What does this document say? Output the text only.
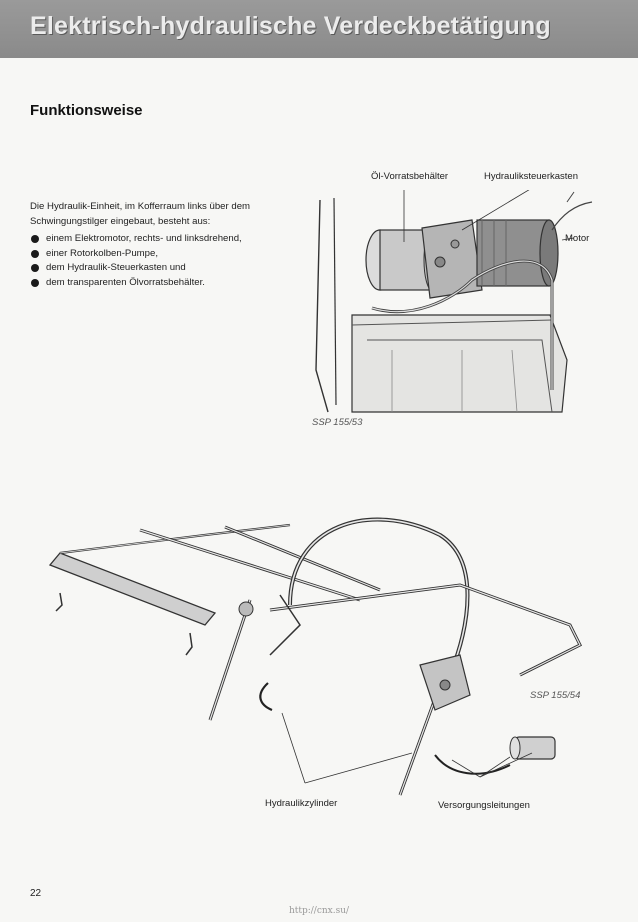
Elektrisch-hydraulische Verdeckbetätigung
Funktionsweise
Die Hydraulik-Einheit, im Kofferraum links über dem Schwingungstilger eingebaut, besteht aus:
einem Elektromotor, rechts- und linksdrehend,
einer Rotorkolben-Pumpe,
dem Hydraulik-Steuerkasten und
dem transparenten Ölvorratsbehälter.
Öl-Vorratsbehälter	Hydrauliksteuerkasten
Motor
SSP 155/53
SSP 155/54
Hydraulikzylinder	Versorgungsleitungen
22
http://cnx.su/
